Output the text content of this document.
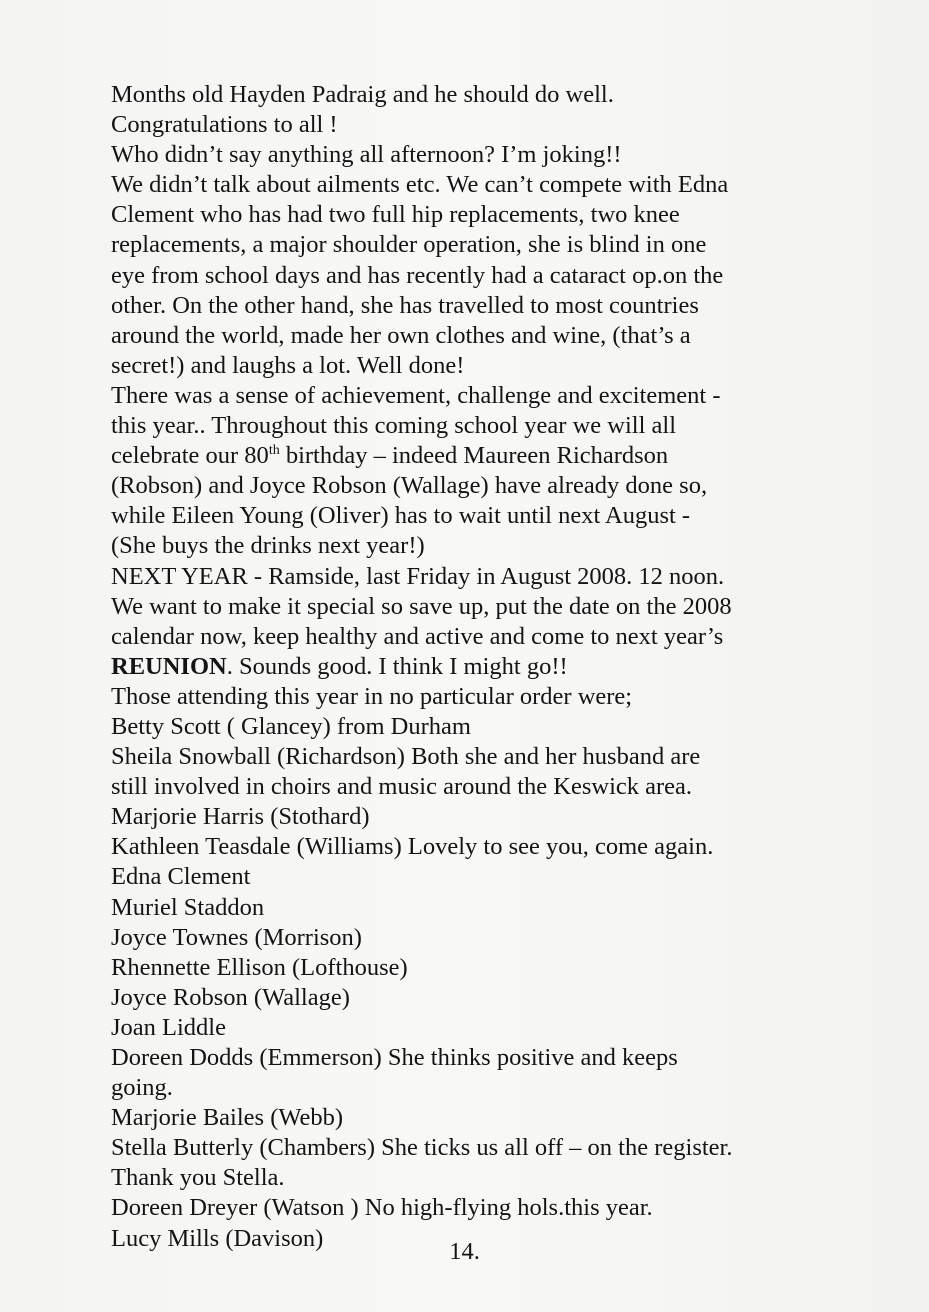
Months old Hayden Padraig and he should do well.
Congratulations to all !
Who didn’t say anything all afternoon? I’m joking!!
We didn’t talk about ailments etc. We can’t compete with Edna
Clement who has had two full hip replacements, two knee
replacements, a major shoulder operation, she is blind in one
eye from school days and has recently had a cataract op.on the
other. On the other hand, she has travelled to most countries
around the world, made her own clothes and wine, (that’s a
secret!) and laughs a lot. Well done!
There was a sense of achievement, challenge and excitement -
this year.. Throughout this coming school year we will all
celebrate our 80th birthday – indeed Maureen Richardson
(Robson) and Joyce Robson (Wallage) have already done so,
while Eileen Young (Oliver) has to wait until next August -
(She buys the drinks next year!)
NEXT YEAR - Ramside, last Friday in August 2008. 12 noon.
We want to make it special so save up, put the date on the 2008
calendar now, keep healthy and active and come to next year’s
REUNION. Sounds good. I think I might go!!
Those attending this year in no particular order were;
Betty Scott ( Glancey) from Durham
Sheila Snowball (Richardson) Both she and her husband are
still involved in choirs and music around the Keswick area.
Marjorie Harris (Stothard)
Kathleen Teasdale (Williams) Lovely to see you, come again.
Edna Clement
Muriel Staddon
Joyce Townes (Morrison)
Rhennette Ellison (Lofthouse)
Joyce Robson (Wallage)
Joan Liddle
Doreen Dodds (Emmerson) She thinks positive and keeps
going.
Marjorie Bailes (Webb)
Stella Butterly (Chambers) She ticks us all off – on the register.
Thank you Stella.
Doreen Dreyer (Watson ) No high-flying hols.this year.
Lucy Mills (Davison)	14.
